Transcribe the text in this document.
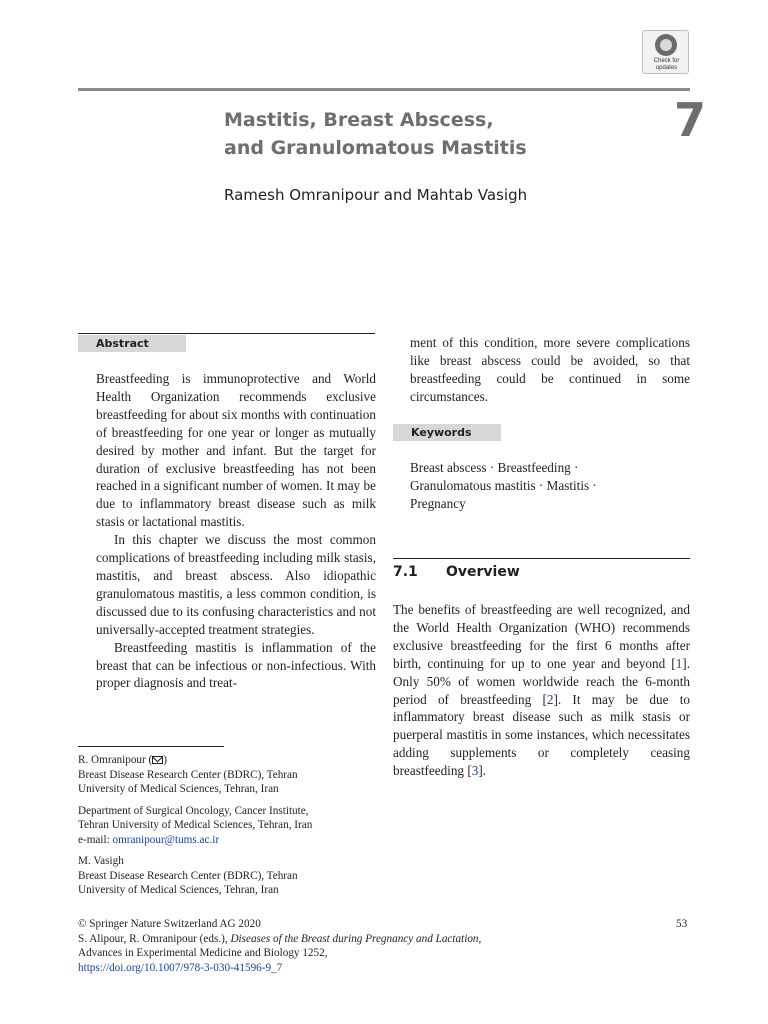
Check for
updates
7
Mastitis, Breast Abscess,
and Granulomatous Mastitis
Ramesh Omranipour and Mahtab Vasigh
Abstract

Breastfeeding is immunoprotective and World Health Organization recommends exclusive breastfeeding for about six months with continuation of breastfeeding for one year or longer as mutually desired by mother and infant. But the target for duration of exclusive breastfeeding has not been reached in a significant number of women. It may be due to inflammatory breast disease such as milk stasis or lactational mastitis.

In this chapter we discuss the most common complications of breastfeeding including milk stasis, mastitis, and breast abscess. Also idiopathic granulomatous mastitis, a less common condition, is discussed due to its confusing characteristics and not universally-accepted treatment strategies.

Breastfeeding mastitis is inflammation of the breast that can be infectious or non-infectious. With proper diagnosis and treat-

ment of this condition, more severe complications like breast abscess could be avoided, so that breastfeeding could be continued in some circumstances.

Keywords
Breast abscess · Breastfeeding · Granulomatous mastitis · Mastitis · Pregnancy
7.1 Overview

The benefits of breastfeeding are well recognized, and the World Health Organization (WHO) recommends exclusive breastfeeding for the first 6 months after birth, continuing for up to one year and beyond [1]. Only 50% of women worldwide reach the 6-month period of breastfeeding [2]. It may be due to inflammatory breast disease such as milk stasis or puerperal mastitis in some instances, which necessitates adding supplements or completely ceasing breastfeeding [3].

R. Omranipour ( )

Breast Disease Research Center (BDRC), Tehran

University of Medical Sciences, Tehran, Iran

Department of Surgical Oncology, Cancer Institute,

Tehran University of Medical Sciences, Tehran, Iran

e-mail: omranipour@tums.ac.ir

M. Vasigh

Breast Disease Research Center (BDRC), Tehran

University of Medical Sciences, Tehran, Iran

© Springer Nature Switzerland AG 2020

S. Alipour, R. Omranipour (eds.), Diseases of the Breast during Pregnancy and Lactation,

Advances in Experimental Medicine and Biology 1252,

https://doi.org/10.1007/978-3-030-41596-9_7

53
